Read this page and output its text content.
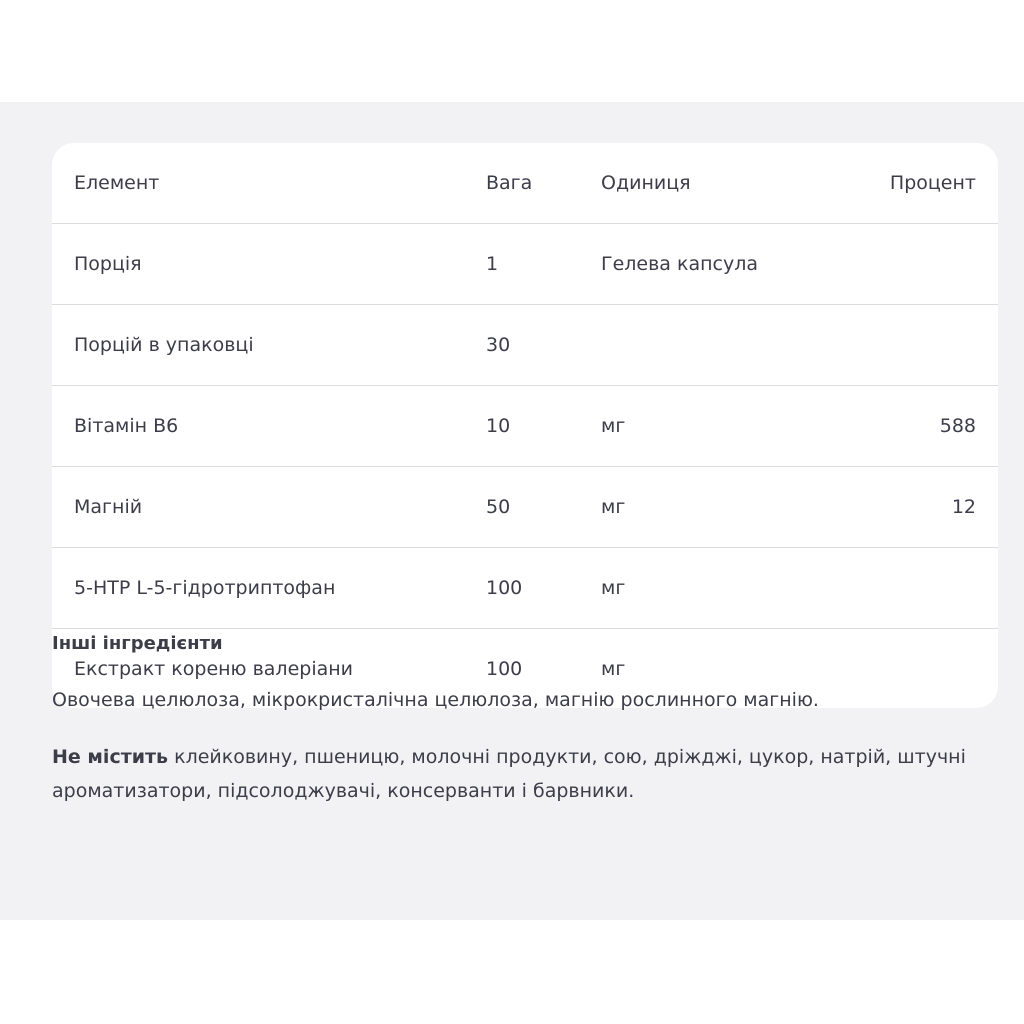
Елемент	Вага	Одиниця	Процент
Порція	1	Гелева капсула
Порцій в упаковці	30
Вітамін B6	10	мг	588
Магній	50	мг	12
5-HTP L-5-гідротриптофан	100	мг
Екстракт кореню валеріани	100	мг
Інші інгредієнти
Овочева целюлоза, мікрокристалічна целюлоза, магнію рослинного магнію.
Не містить клейковину, пшеницю, молочні продукти, сою, дріжджі, цукор, натрій, штучні ароматизатори, підсолоджувачі, консерванти і барвники.
